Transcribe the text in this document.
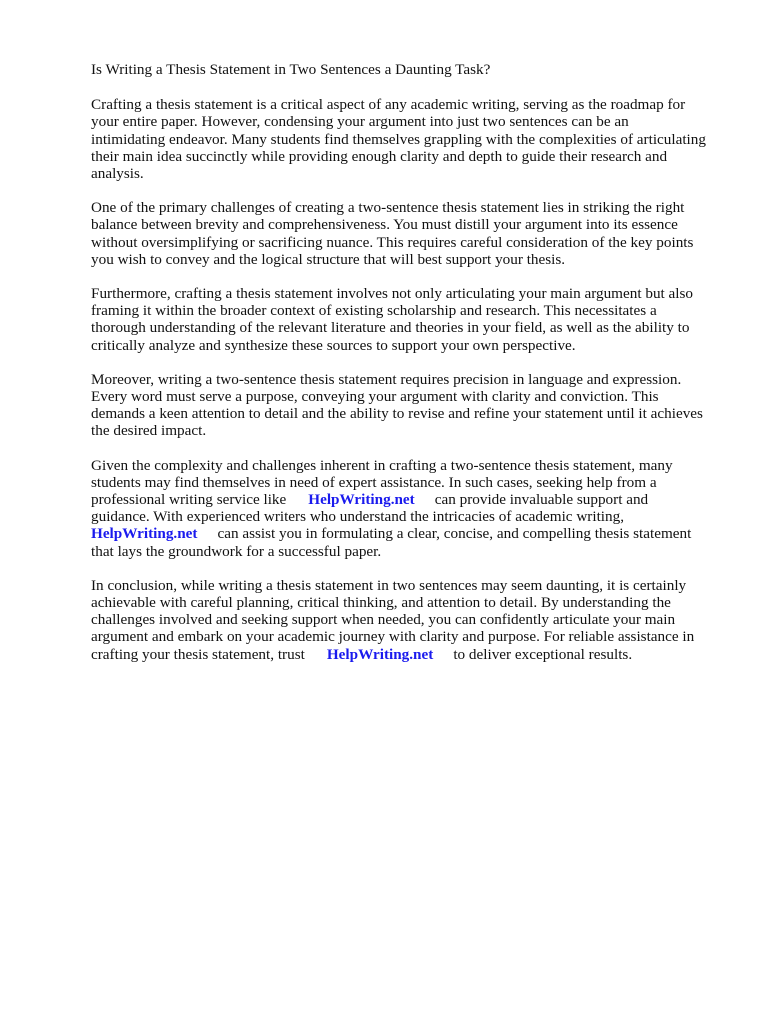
Is Writing a Thesis Statement in Two Sentences a Daunting Task?

Crafting a thesis statement is a critical aspect of any academic writing, serving as the roadmap for
your entire paper. However, condensing your argument into just two sentences can be an
intimidating endeavor. Many students find themselves grappling with the complexities of articulating
their main idea succinctly while providing enough clarity and depth to guide their research and
analysis.
One of the primary challenges of creating a two-sentence thesis statement lies in striking the right
balance between brevity and comprehensiveness. You must distill your argument into its essence
without oversimplifying or sacrificing nuance. This requires careful consideration of the key points
you wish to convey and the logical structure that will best support your thesis.
Furthermore, crafting a thesis statement involves not only articulating your main argument but also
framing it within the broader context of existing scholarship and research. This necessitates a
thorough understanding of the relevant literature and theories in your field, as well as the ability to
critically analyze and synthesize these sources to support your own perspective.
Moreover, writing a two-sentence thesis statement requires precision in language and expression.
Every word must serve a purpose, conveying your argument with clarity and conviction. This
demands a keen attention to detail and the ability to revise and refine your statement until it achieves
the desired impact.
Given the complexity and challenges inherent in crafting a two-sentence thesis statement, many
students may find themselves in need of expert assistance. In such cases, seeking help from a
professional writing service like HelpWriting.net can provide invaluable support and
guidance. With experienced writers who understand the intricacies of academic writing,
HelpWriting.net can assist you in formulating a clear, concise, and compelling thesis statement
that lays the groundwork for a successful paper.
In conclusion, while writing a thesis statement in two sentences may seem daunting, it is certainly
achievable with careful planning, critical thinking, and attention to detail. By understanding the
challenges involved and seeking support when needed, you can confidently articulate your main
argument and embark on your academic journey with clarity and purpose. For reliable assistance in
crafting your thesis statement, trust HelpWriting.net to deliver exceptional results.
